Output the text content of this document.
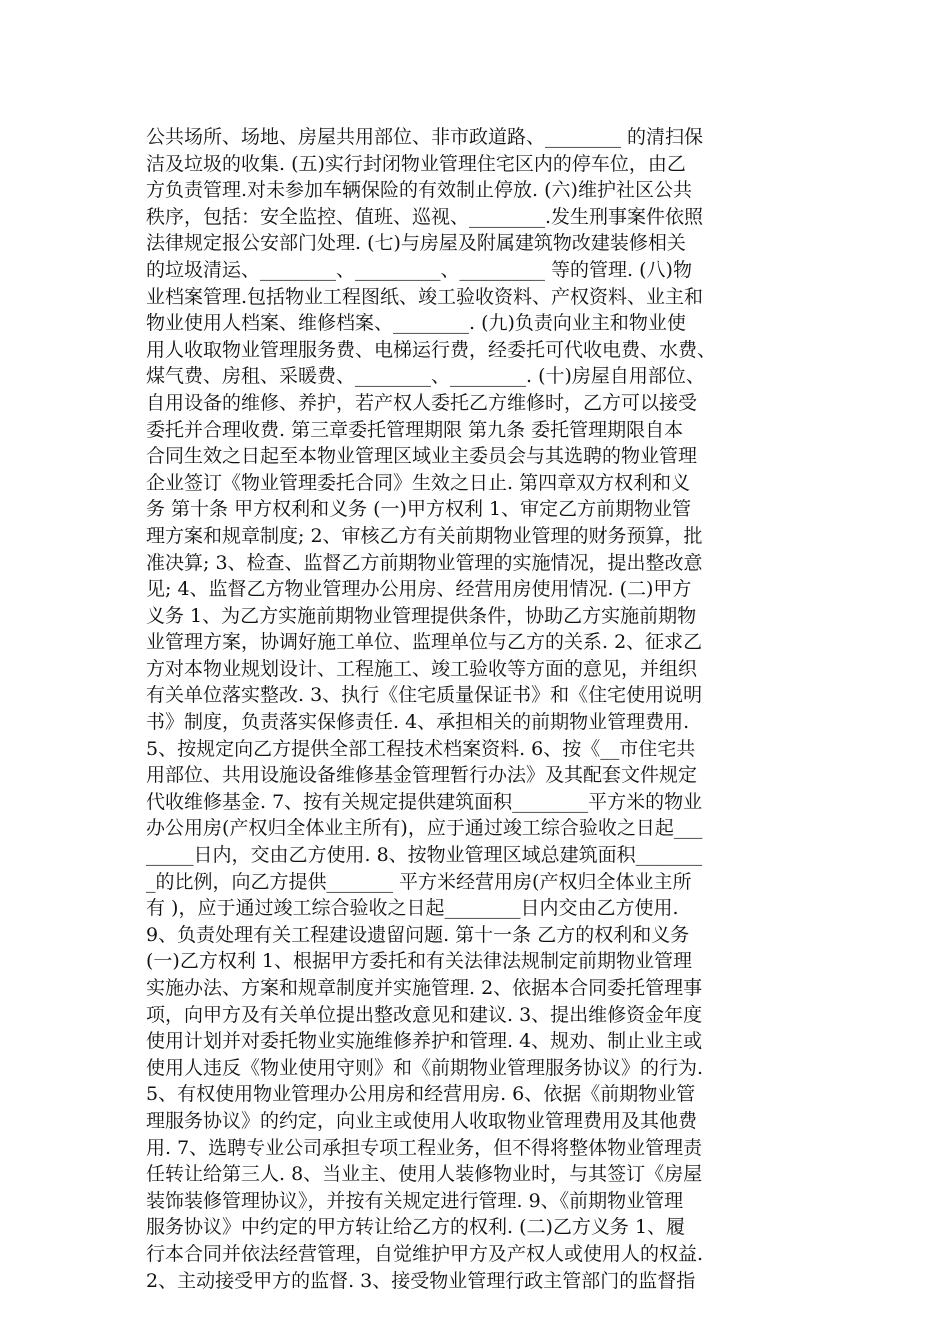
公共场所、场地、房屋共用部位、非市政道路、________ 的清扫保
洁及垃圾的收集. (五)实行封闭物业管理住宅区内的停车位，由乙
方负责管理.对未参加车辆保险的有效制止停放. (六)维护社区公共
秩序，包括：安全监控、值班、巡视、________.发生刑事案件依照
法律规定报公安部门处理. (七)与房屋及附属建筑物改建装修相关
的垃圾清运、________、_________、_________ 等的管理. (八)物
业档案管理.包括物业工程图纸、竣工验收资料、产权资料、业主和
物业使用人档案、维修档案、________. (九)负责向业主和物业使
用人收取物业管理服务费、电梯运行费，经委托可代收电费、水费、
煤气费、房租、采暖费、________、________. (十)房屋自用部位、
自用设备的维修、养护，若产权人委托乙方维修时，乙方可以接受
委托并合理收费. 第三章委托管理期限 第九条 委托管理期限自本
合同生效之日起至本物业管理区域业主委员会与其选聘的物业管理
企业签订《物业管理委托合同》生效之日止. 第四章双方权利和义
务 第十条 甲方权利和义务 (一)甲方权利 1、审定乙方前期物业管
理方案和规章制度; 2、审核乙方有关前期物业管理的财务预算，批
准决算; 3、检查、监督乙方前期物业管理的实施情况，提出整改意
见; 4、监督乙方物业管理办公用房、经营用房使用情况. (二)甲方
义务 1、为乙方实施前期物业管理提供条件，协助乙方实施前期物
业管理方案，协调好施工单位、监理单位与乙方的关系. 2、征求乙
方对本物业规划设计、工程施工、竣工验收等方面的意见，并组织
有关单位落实整改. 3、执行《住宅质量保证书》和《住宅使用说明
书》制度，负责落实保修责任. 4、承担相关的前期物业管理费用.
5、按规定向乙方提供全部工程技术档案资料. 6、按《__市住宅共
用部位、共用设施设备维修基金管理暂行办法》及其配套文件规定
代收维修基金. 7、按有关规定提供建筑面积________平方米的物业
办公用房(产权归全体业主所有)，应于通过竣工综合验收之日起___
_____日内，交由乙方使用. 8、按物业管理区域总建筑面积_______
_的比例，向乙方提供_______ 平方米经营用房(产权归全体业主所
有 )，应于通过竣工综合验收之日起________日内交由乙方使用.
9、负责处理有关工程建设遗留问题. 第十一条 乙方的权利和义务
(一)乙方权利 1、根据甲方委托和有关法律法规制定前期物业管理
实施办法、方案和规章制度并实施管理. 2、依据本合同委托管理事
项，向甲方及有关单位提出整改意见和建议. 3、提出维修资金年度
使用计划并对委托物业实施维修养护和管理. 4、规劝、制止业主或
使用人违反《物业使用守则》和《前期物业管理服务协议》的行为.
5、有权使用物业管理办公用房和经营用房. 6、依据《前期物业管
理服务协议》的约定，向业主或使用人收取物业管理费用及其他费
用. 7、选聘专业公司承担专项工程业务，但不得将整体物业管理责
任转让给第三人. 8、当业主、使用人装修物业时，与其签订《房屋
装饰装修管理协议》，并按有关规定进行管理. 9、《前期物业管理
服务协议》中约定的甲方转让给乙方的权利. (二)乙方义务 1、履
行本合同并依法经营管理，自觉维护甲方及产权人或使用人的权益.
2、主动接受甲方的监督. 3、接受物业管理行政主管部门的监督指
